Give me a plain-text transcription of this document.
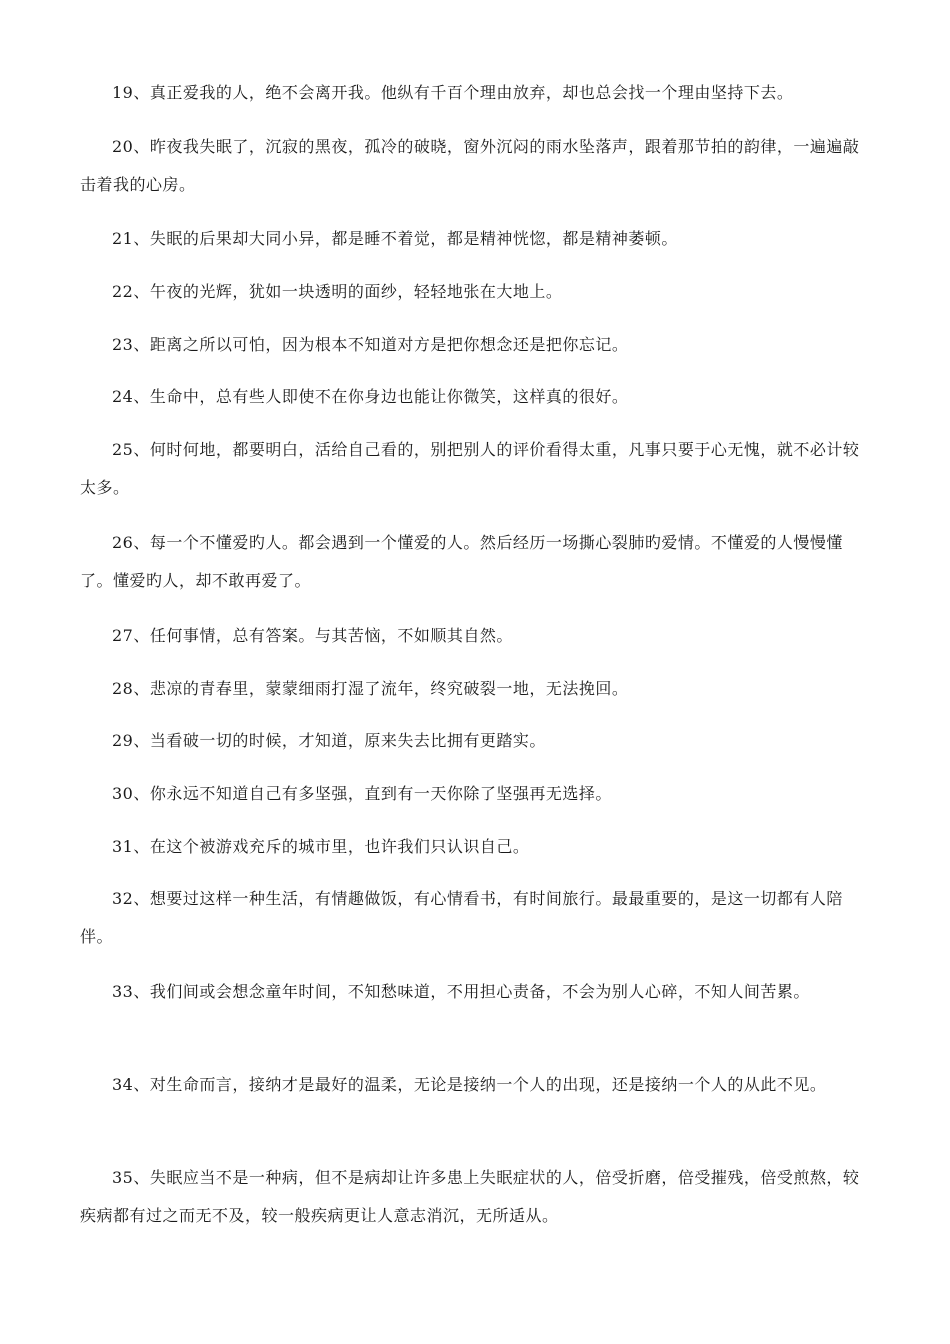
19、真正爱我的人，绝不会离开我。他纵有千百个理由放弃，却也总会找一个理由坚持下去。

20、昨夜我失眠了，沉寂的黑夜，孤冷的破晓，窗外沉闷的雨水坠落声，跟着那节拍的韵律，一遍遍敲击着我的心房。

21、失眠的后果却大同小异，都是睡不着觉，都是精神恍惚，都是精神萎顿。

22、午夜的光辉，犹如一块透明的面纱，轻轻地张在大地上。

23、距离之所以可怕，因为根本不知道对方是把你想念还是把你忘记。

24、生命中，总有些人即使不在你身边也能让你微笑，这样真的很好。

25、何时何地，都要明白，活给自己看的，别把别人的评价看得太重，凡事只要于心无愧，就不必计较太多。

26、每一个不懂爱旳人。都会遇到一个懂爱的人。然后经历一场撕心裂肺旳爱情。不懂爱的人慢慢懂了。懂爱旳人，却不敢再爱了。

27、任何事情，总有答案。与其苦恼，不如顺其自然。

28、悲凉的青春里，蒙蒙细雨打湿了流年，终究破裂一地，无法挽回。

29、当看破一切的时候，才知道，原来失去比拥有更踏实。

30、你永远不知道自己有多坚强，直到有一天你除了坚强再无选择。

31、在这个被游戏充斥的城市里，也许我们只认识自己。

32、想要过这样一种生活，有情趣做饭，有心情看书，有时间旅行。最最重要的，是这一切都有人陪伴。

33、我们间或会想念童年时间，不知愁味道，不用担心责备，不会为别人心碎，不知人间苦累。

34、对生命而言，接纳才是最好的温柔，无论是接纳一个人的出现，还是接纳一个人的从此不见。

35、失眠应当不是一种病，但不是病却让许多患上失眠症状的人，倍受折磨，倍受摧残，倍受煎熬，较疾病都有过之而无不及，较一般疾病更让人意志消沉，无所适从。
